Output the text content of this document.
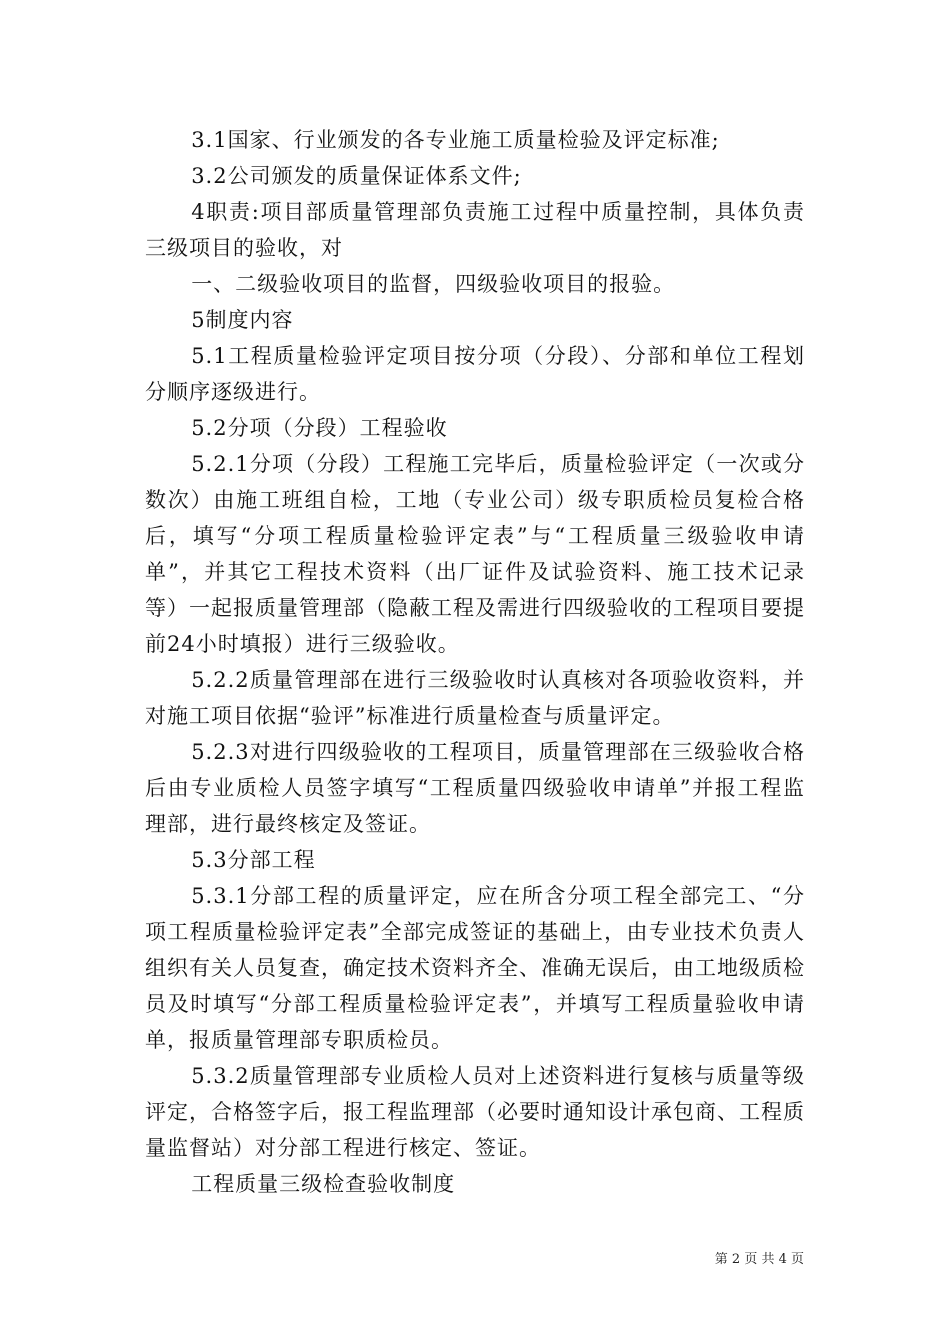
3.1国家、行业颁发的各专业施工质量检验及评定标准;

3.2公司颁发的质量保证体系文件;

4职责:项目部质量管理部负责施工过程中质量控制，具体负责三级项目的验收，对

一、二级验收项目的监督，四级验收项目的报验。

5制度内容

5.1工程质量检验评定项目按分项（分段）、分部和单位工程划分顺序逐级进行。

5.2分项（分段）工程验收

5.2.1分项（分段）工程施工完毕后，质量检验评定（一次或分数次）由施工班组自检，工地（专业公司）级专职质检员复检合格后，填写“分项工程质量检验评定表”与“工程质量三级验收申请单”，并其它工程技术资料（出厂证件及试验资料、施工技术记录等）一起报质量管理部（隐蔽工程及需进行四级验收的工程项目要提前24小时填报）进行三级验收。

5.2.2质量管理部在进行三级验收时认真核对各项验收资料，并对施工项目依据“验评”标准进行质量检查与质量评定。

5.2.3对进行四级验收的工程项目，质量管理部在三级验收合格后由专业质检人员签字填写“工程质量四级验收申请单”并报工程监理部，进行最终核定及签证。

5.3分部工程

5.3.1分部工程的质量评定，应在所含分项工程全部完工、“分项工程质量检验评定表”全部完成签证的基础上，由专业技术负责人组织有关人员复查，确定技术资料齐全、准确无误后，由工地级质检员及时填写“分部工程质量检验评定表”，并填写工程质量验收申请单，报质量管理部专职质检员。

5.3.2质量管理部专业质检人员对上述资料进行复核与质量等级评定，合格签字后，报工程监理部（必要时通知设计承包商、工程质量监督站）对分部工程进行核定、签证。

工程质量三级检查验收制度

第 2 页 共 4 页
